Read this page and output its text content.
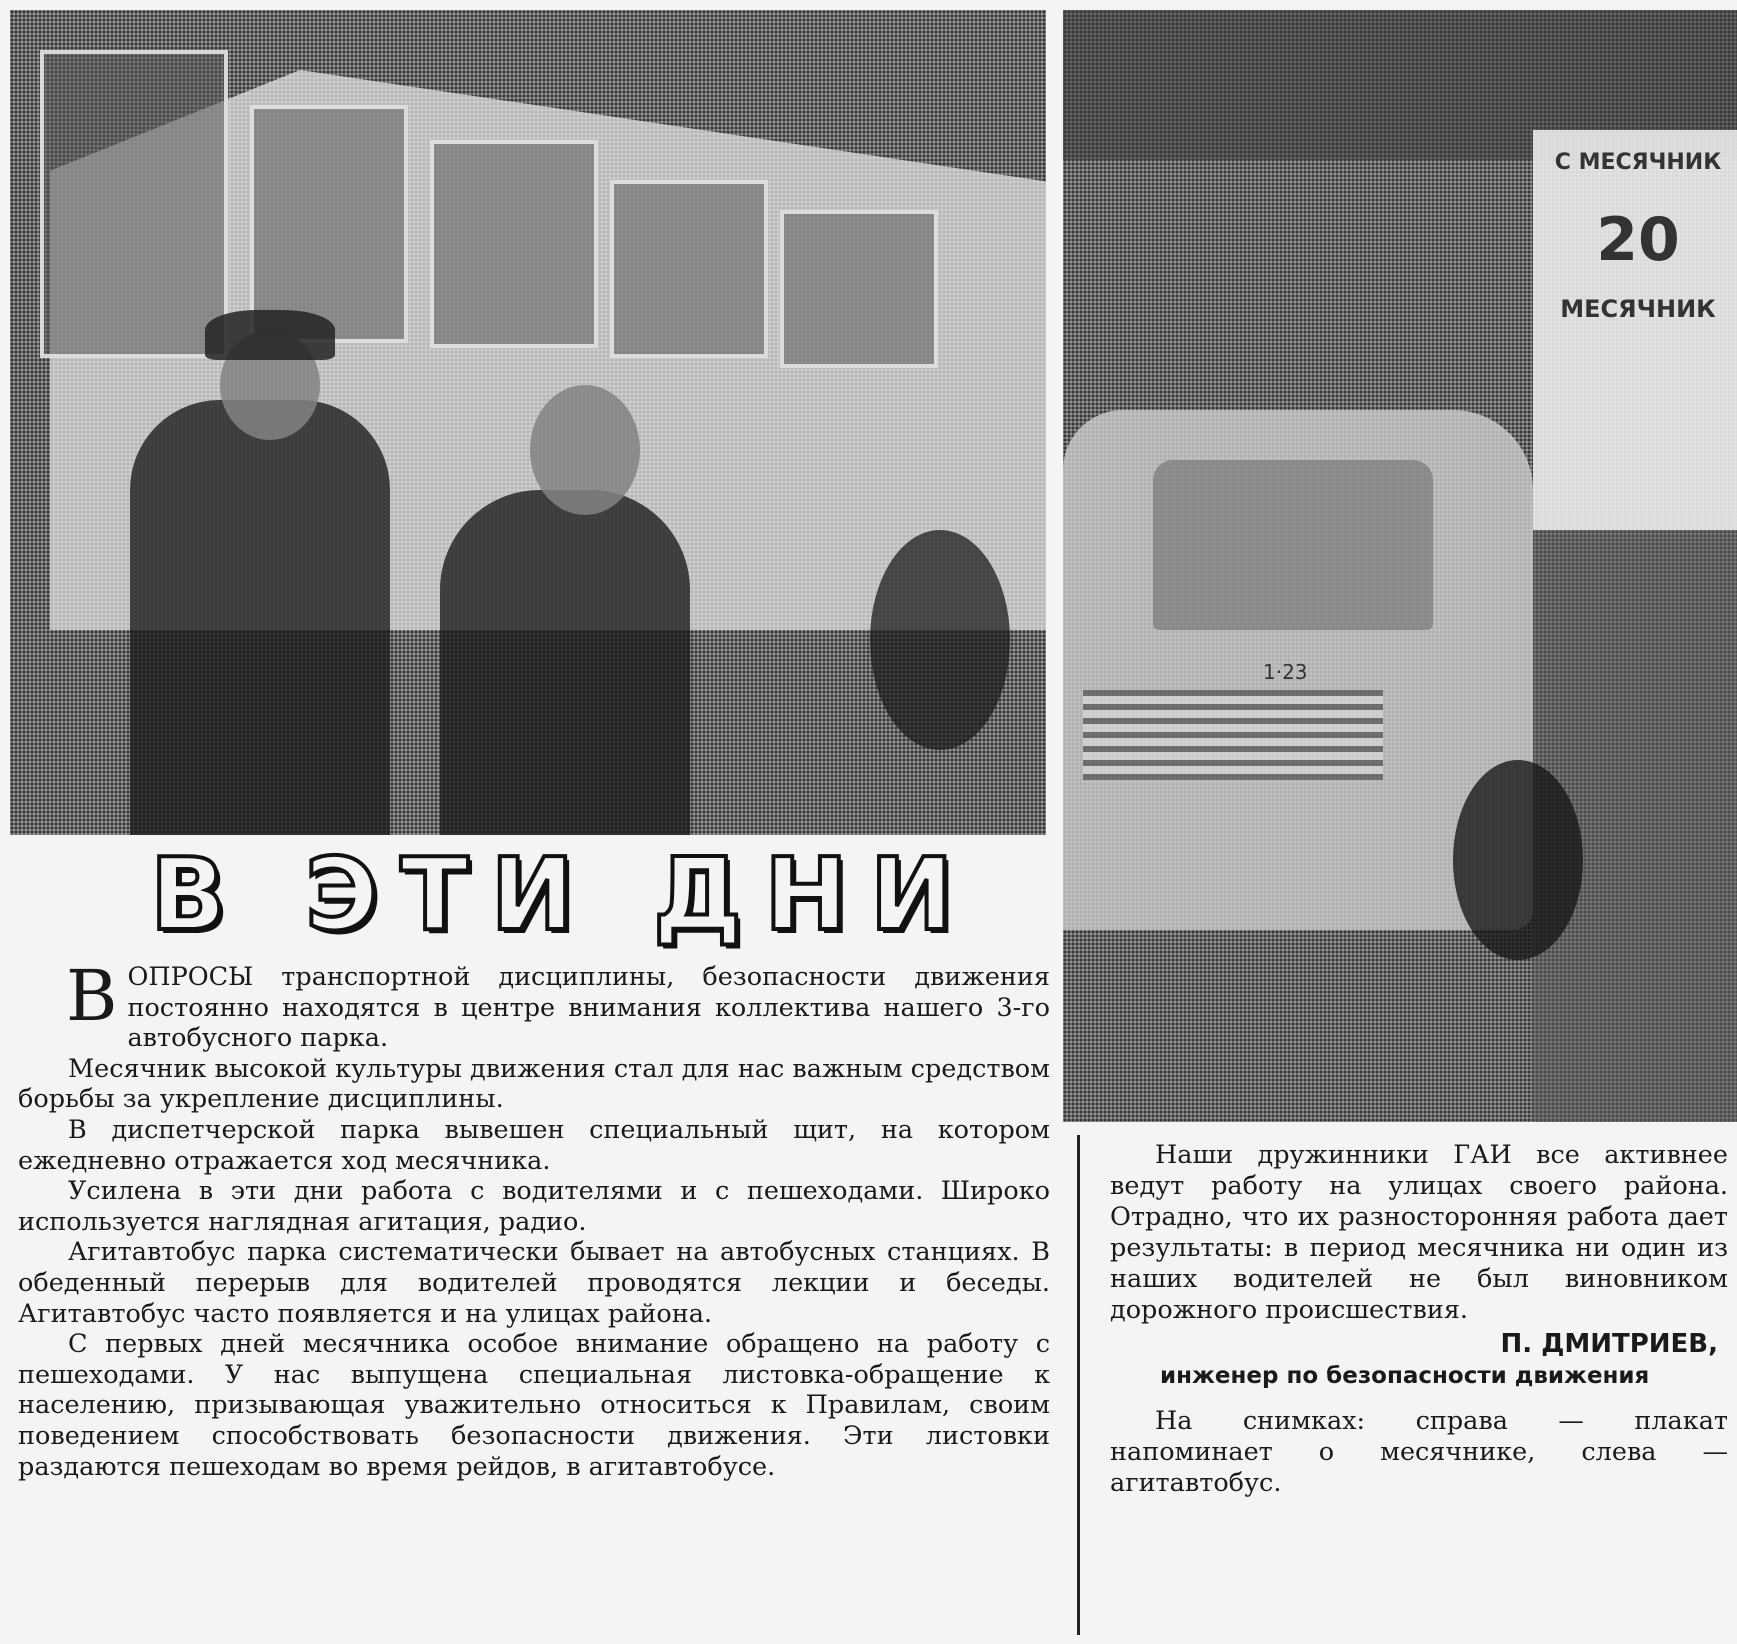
С МЕСЯЧНИК
20
МЕСЯЧНИК
1·23
В ЭТИ ДНИ

ВОПРОСЫ транспортной дисциплины, безопасности движения постоянно находятся в центре внимания коллектива нашего 3-го автобусного парка.

Месячник высокой культуры движения стал для нас важным средством борьбы за укрепление дисциплины.

В диспетчерской парка вывешен специальный щит, на котором ежедневно отражается ход месячника.

Усилена в эти дни работа с водителями и с пешеходами. Широко используется наглядная агитация, радио.

Агитавтобус парка систематически бывает на автобусных станциях. В обеденный перерыв для водителей проводятся лекции и беседы. Агитавтобус часто появляется и на улицах района.

С первых дней месячника особое внимание обращено на работу с пешеходами. У нас выпущена специальная листовка-обращение к населению, призывающая уважительно относиться к Правилам, своим поведением способствовать безопасности движения. Эти листовки раздаются пешеходам во время рейдов, в агитавтобусе.

Наши дружинники ГАИ все активнее ведут работу на улицах своего района. Отрадно, что их разносторонняя работа дает результаты: в период месячника ни один из наших водителей не был виновником дорожного происшествия.

П. ДМИТРИЕВ,
инженер по безопасности движения

На снимках: справа — плакат напоминает о месячнике, слева — агитавтобус.
